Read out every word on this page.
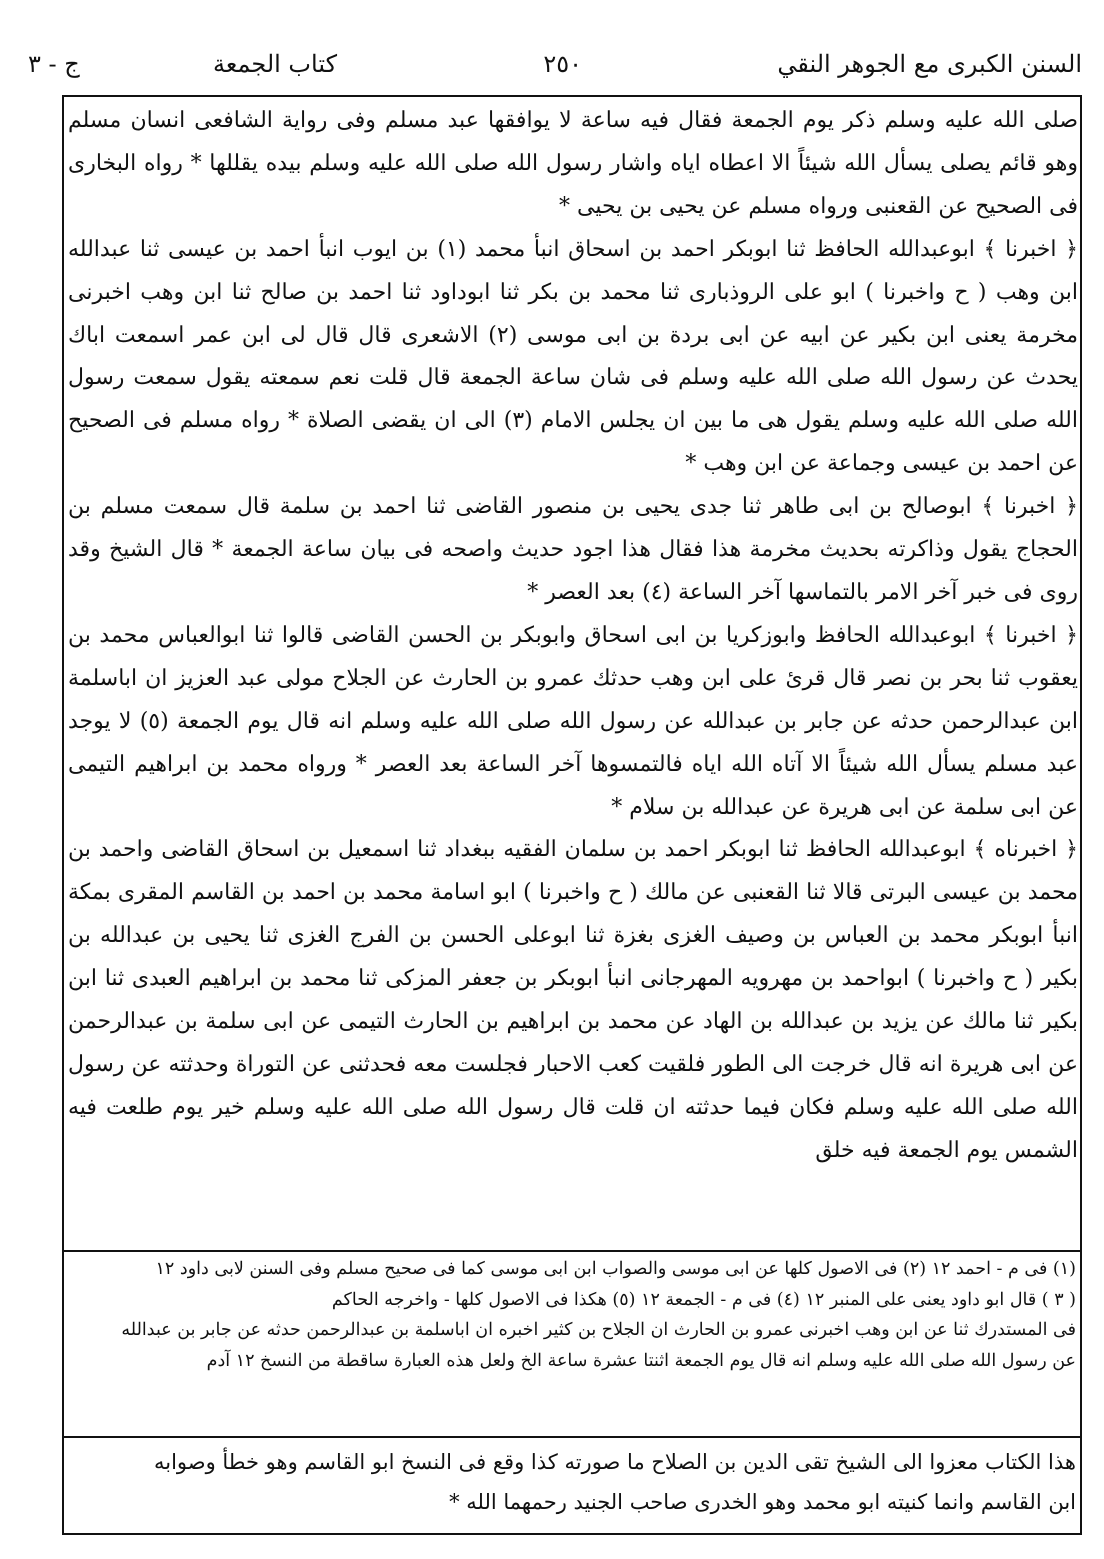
السنن الكبرى مع الجوهر النقي
٢٥٠
كتاب الجمعة
ج - ٣

صلى الله عليه وسلم ذكر يوم الجمعة فقال فيه ساعة لا يوافقها عبد مسلم وفى رواية الشافعى انسان مسلم وهو قائم يصلى يسأل الله شيئاً الا اعطاه اياه واشار رسول الله صلى الله عليه وسلم بيده يقللها * رواه البخارى فى الصحيح عن القعنبى ورواه مسلم عن يحيى بن يحيى *

﴿ اخبرنا ﴾ ابوعبدالله الحافظ ثنا ابوبكر احمد بن اسحاق انبأ محمد (١) بن ايوب انبأ احمد بن عيسى ثنا عبدالله ابن وهب ( ح واخبرنا ) ابو على الروذبارى ثنا محمد بن بكر ثنا ابوداود ثنا احمد بن صالح ثنا ابن وهب اخبرنى مخرمة يعنى ابن بكير عن ابيه عن ابى بردة بن ابى موسى (٢) الاشعرى قال قال لى ابن عمر اسمعت اباك يحدث عن رسول الله صلى الله عليه وسلم فى شان ساعة الجمعة قال قلت نعم سمعته يقول سمعت رسول الله صلى الله عليه وسلم يقول هى ما بين ان يجلس الامام (٣) الى ان يقضى الصلاة * رواه مسلم فى الصحيح عن احمد بن عيسى وجماعة عن ابن وهب *

﴿ اخبرنا ﴾ ابوصالح بن ابى طاهر ثنا جدى يحيى بن منصور القاضى ثنا احمد بن سلمة قال سمعت مسلم بن الحجاج يقول وذاكرته بحديث مخرمة هذا فقال هذا اجود حديث واصحه فى بيان ساعة الجمعة * قال الشيخ وقد روى فى خبر آخر الامر بالتماسها آخر الساعة (٤) بعد العصر *

﴿ اخبرنا ﴾ ابوعبدالله الحافظ وابوزكريا بن ابى اسحاق وابوبكر بن الحسن القاضى قالوا ثنا ابوالعباس محمد بن يعقوب ثنا بحر بن نصر قال قرئ على ابن وهب حدثك عمرو بن الحارث عن الجلاح مولى عبد العزيز ان اباسلمة ابن عبدالرحمن حدثه عن جابر بن عبدالله عن رسول الله صلى الله عليه وسلم انه قال يوم الجمعة (٥) لا يوجد عبد مسلم يسأل الله شيئاً الا آتاه الله اياه فالتمسوها آخر الساعة بعد العصر * ورواه محمد بن ابراهيم التيمى عن ابى سلمة عن ابى هريرة عن عبدالله بن سلام *

﴿ اخبرناه ﴾ ابوعبدالله الحافظ ثنا ابوبكر احمد بن سلمان الفقيه ببغداد ثنا اسمعيل بن اسحاق القاضى واحمد بن محمد بن عيسى البرتى قالا ثنا القعنبى عن مالك ( ح واخبرنا ) ابو اسامة محمد بن احمد بن القاسم المقرى بمكة انبأ ابوبكر محمد بن العباس بن وصيف الغزى بغزة ثنا ابوعلى الحسن بن الفرج الغزى ثنا يحيى بن عبدالله بن بكير ( ح واخبرنا ) ابواحمد بن مهرويه المهرجانى انبأ ابوبكر بن جعفر المزكى ثنا محمد بن ابراهيم العبدى ثنا ابن بكير ثنا مالك عن يزيد بن عبدالله بن الهاد عن محمد بن ابراهيم بن الحارث التيمى عن ابى سلمة بن عبدالرحمن عن ابى هريرة انه قال خرجت الى الطور فلقيت كعب الاحبار فجلست معه فحدثنى عن التوراة وحدثته عن رسول الله صلى الله عليه وسلم فكان فيما حدثته ان قلت قال رسول الله صلى الله عليه وسلم خير يوم طلعت فيه الشمس يوم الجمعة فيه خلق

(١) فى م - احمد ١٢ (٢) فى الاصول كلها عن ابى موسى والصواب ابن ابى موسى كما فى صحيح مسلم وفى السنن لابى داود ١٢

( ٣ ) قال ابو داود يعنى على المنبر ١٢ (٤) فى م - الجمعة ١٢ (٥) هكذا فى الاصول كلها - واخرجه الحاكم

فى المستدرك ثنا عن ابن وهب اخبرنى عمرو بن الحارث ان الجلاح بن كثير اخبره ان اباسلمة بن عبدالرحمن حدثه عن جابر بن عبدالله

عن رسول الله صلى الله عليه وسلم انه قال يوم الجمعة اثنتا عشرة ساعة الخ ولعل هذه العبارة ساقطة من النسخ ١٢ آدم

هذا الكتاب معزوا الى الشيخ تقى الدين بن الصلاح ما صورته كذا وقع فى النسخ ابو القاسم وهو خطأ وصوابه

ابن القاسم وانما كنيته ابو محمد وهو الخدرى صاحب الجنيد رحمهما الله *
